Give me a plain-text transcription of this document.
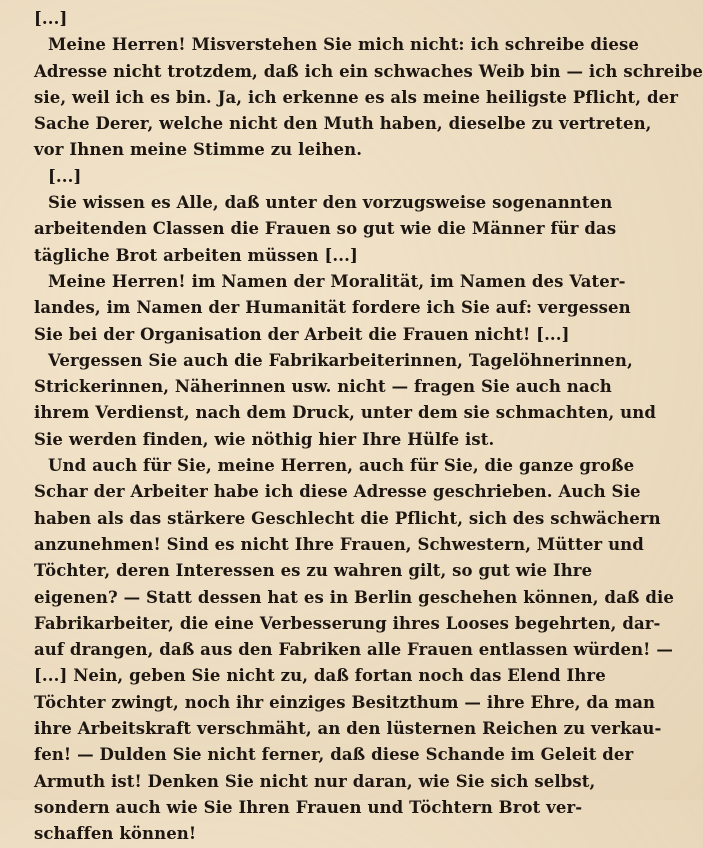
[...]
Meine Herren! Misverstehen Sie mich nicht: ich schreibe diese
Adresse nicht trotzdem, daß ich ein schwaches Weib bin — ich schreibe
sie, weil ich es bin. Ja, ich erkenne es als meine heiligste Pflicht, der
Sache Derer, welche nicht den Muth haben, dieselbe zu vertreten,
vor Ihnen meine Stimme zu leihen.
[...]
Sie wissen es Alle, daß unter den vorzugsweise sogenannten
arbeitenden Classen die Frauen so gut wie die Männer für das
tägliche Brot arbeiten müssen [...]
Meine Herren! im Namen der Moralität, im Namen des Vater-
landes, im Namen der Humanität fordere ich Sie auf: vergessen
Sie bei der Organisation der Arbeit die Frauen nicht! [...]
Vergessen Sie auch die Fabrikarbeiterinnen, Tagelöhnerinnen,
Strickerinnen, Näherinnen usw. nicht — fragen Sie auch nach
ihrem Verdienst, nach dem Druck, unter dem sie schmachten, und
Sie werden finden, wie nöthig hier Ihre Hülfe ist.
Und auch für Sie, meine Herren, auch für Sie, die ganze große
Schar der Arbeiter habe ich diese Adresse geschrieben. Auch Sie
haben als das stärkere Geschlecht die Pflicht, sich des schwächern
anzunehmen! Sind es nicht Ihre Frauen, Schwestern, Mütter und
Töchter, deren Interessen es zu wahren gilt, so gut wie Ihre
eigenen? — Statt dessen hat es in Berlin geschehen können, daß die
Fabrikarbeiter, die eine Verbesserung ihres Looses begehrten, dar-
auf drangen, daß aus den Fabriken alle Frauen entlassen würden! —
[...] Nein, geben Sie nicht zu, daß fortan noch das Elend Ihre
Töchter zwingt, noch ihr einziges Besitzthum — ihre Ehre, da man
ihre Arbeitskraft verschmäht, an den lüsternen Reichen zu verkau-
fen! — Dulden Sie nicht ferner, daß diese Schande im Geleit der
Armuth ist! Denken Sie nicht nur daran, wie Sie sich selbst,
sondern auch wie Sie Ihren Frauen und Töchtern Brot ver-
schaffen können!
